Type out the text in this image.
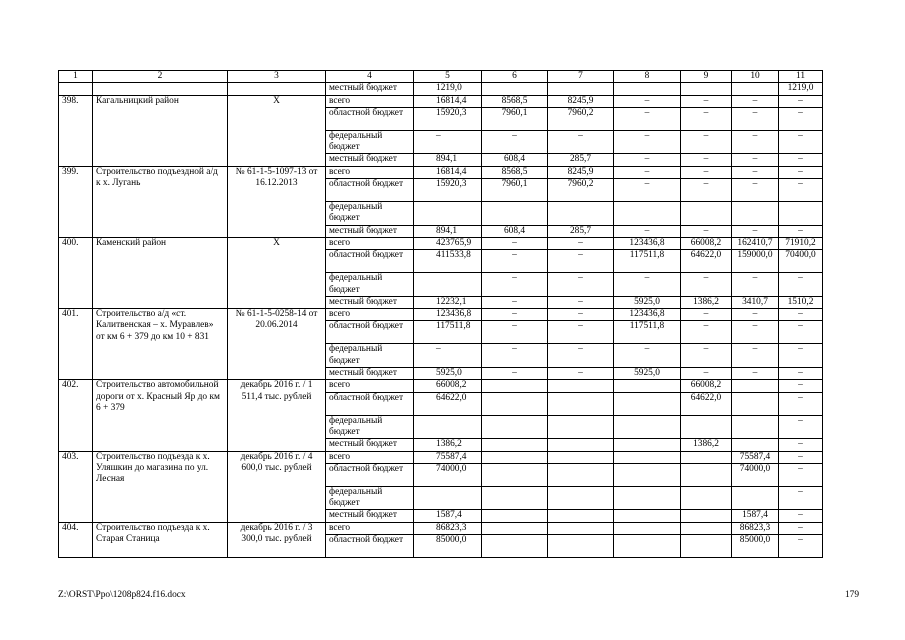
1	2	3	4	5	6	7	8	9	10	11
			местный бюджет	1219,0						1219,0
398.	Кагальницкий район	X	всего	16814,4	8568,5	8245,9	–	–	–	–
			областной бюджет	15920,3	7960,1	7960,2	–	–	–	–
			федеральный бюджет	–	–	–	–	–	–	–
			местный бюджет	894,1	608,4	285,7	–	–	–	–
399.	Строительство подъездной а/д к х. Лугань	№ 61-1-5-1097-13 от 16.12.2013	всего	16814,4	8568,5	8245,9	–	–	–	–
			областной бюджет	15920,3	7960,1	7960,2	–	–	–	–
			федеральный бюджет							
			местный бюджет	894,1	608,4	285,7	–	–	–	–
400.	Каменский район	X	всего	423765,9	–	–	123436,8	66008,2	162410,7	71910,2
			областной бюджет	411533,8	–	–	117511,8	64622,0	159000,0	70400,0
			федеральный бюджет		–	–	–	–	–	–
			местный бюджет	12232,1	–	–	5925,0	1386,2	3410,7	1510,2
401.	Строительство а/д «ст. Калитвенская – х. Муравлев» от км 6 + 379 до км 10 + 831	№ 61-1-5-0258-14 от 20.06.2014	всего	123436,8	–	–	123436,8	–	–	–
			областной бюджет	117511,8	–	–	117511,8	–	–	–
			федеральный бюджет	–	–	–	–	–	–	–
			местный бюджет	5925,0	–	–	5925,0	–	–	–
402.	Строительство автомобильной дороги от х. Красный Яр до км 6 + 379	декабрь 2016 г. / 1 511,4 тыс. рублей	всего	66008,2				66008,2		–
			областной бюджет	64622,0				64622,0		–
			федеральный бюджет							–
			местный бюджет	1386,2				1386,2		–
403.	Строительство подъезда к х. Уляшкин до магазина по ул. Лесная	декабрь 2016 г. / 4 600,0 тыс. рублей	всего	75587,4					75587,4	–
			областной бюджет	74000,0					74000,0	–
			федеральный бюджет							–
			местный бюджет	1587,4					1587,4	–
404.	Строительство подъезда к х. Старая Станица	декабрь 2016 г. / 3 300,0 тыс. рублей	всего	86823,3					86823,3	–
			областной бюджет	85000,0					85000,0	–
Z:\ORST\Ppo\1208p824.f16.docx	179
